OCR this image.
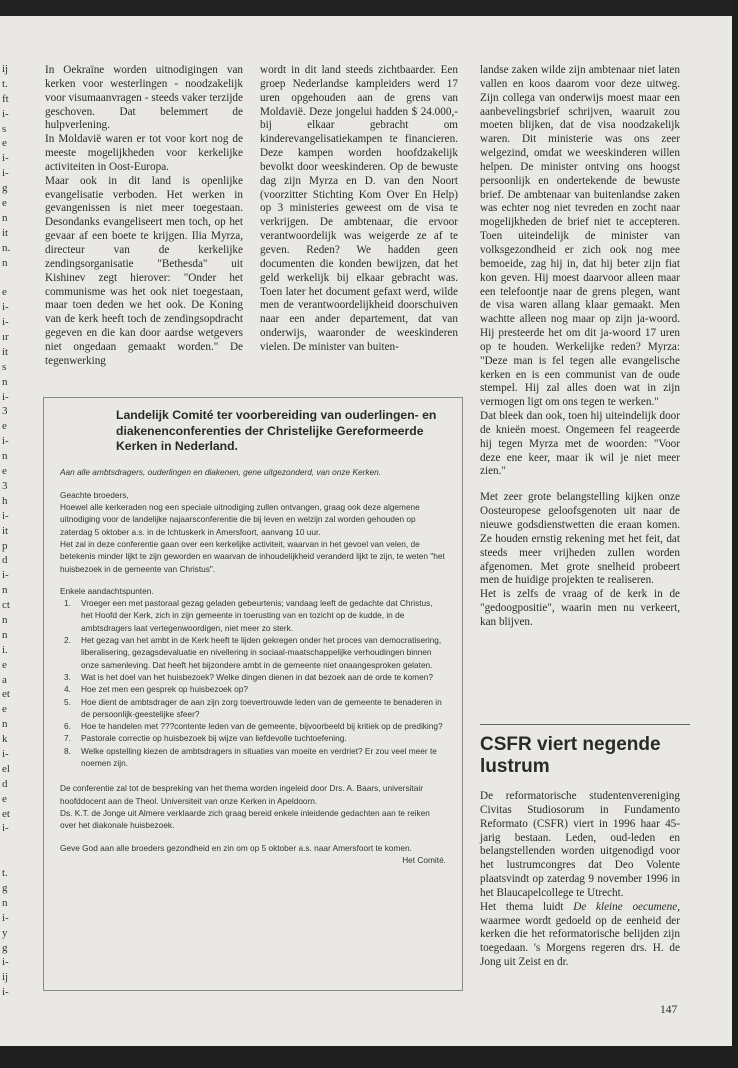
ij
t.
ft
i-
s
e
i-
i-
g
e
n
it
n.
n
e
i-
i-
ır
it
s
n
i-
3
e
i-
n
e
3
h
i-
it
p
d
i-
n
ct
n
n
i.
e
a
et
e
n
k
i-
el
d
e
et
i-
t.
g
n
i-
y
g
i-
ij
i-

In Oekraïne worden uitnodigingen van kerken voor westerlingen - noodzakelijk voor visumaanvragen - steeds vaker terzijde geschoven. Dat belemmert de hulpverlening.

In Moldavië waren er tot voor kort nog de meeste mogelijkheden voor kerkelijke activiteiten in Oost-Europa.

Maar ook in dit land is openlijke evangelisatie verboden. Het werken in gevangenissen is niet meer toegestaan. Desondanks evangeliseert men toch, op het gevaar af een boete te krijgen. Ilia Myrza, directeur van de kerkelijke zendingsorganisatie "Bethesda" uit Kishinev zegt hierover: "Onder het communisme was het ook niet toegestaan, maar toen deden we het ook. De Koning van de kerk heeft toch de zendingsopdracht gegeven en die kan door aardse wetgevers niet ongedaan gemaakt worden." De tegenwerking

wordt in dit land steeds zichtbaarder. Een groep Nederlandse kampleiders werd 17 uren opgehouden aan de grens van Moldavië. Deze jongelui hadden $ 24.000,- bij elkaar gebracht om kinderevangelisatiekampen te financieren. Deze kampen worden hoofdzakelijk bevolkt door weeskinderen. Op de bewuste dag zijn Myrza en D. van den Noort (voorzitter Stichting Kom Over En Help) op 3 ministeries geweest om de visa te verkrijgen. De ambtenaar, die ervoor verantwoordelijk was weigerde ze af te geven. Reden? We hadden geen documenten die konden bewijzen, dat het geld werkelijk bij elkaar gebracht was. Toen later het document gefaxt werd, wilde men de verantwoordelijkheid doorschuiven naar een ander departement, dat van onderwijs, waaronder de weeskinderen vielen. De minister van buiten-

landse zaken wilde zijn ambtenaar niet laten vallen en koos daarom voor deze uitweg. Zijn collega van onderwijs moest maar een aanbevelingsbrief schrijven, waaruit zou moeten blijken, dat de visa noodzakelijk waren. Dit ministerie was ons zeer welgezind, omdat we weeskinderen willen helpen. De minister ontving ons hoogst persoonlijk en ondertekende de bewuste brief. De ambtenaar van buitenlandse zaken was echter nog niet tevreden en zocht naar mogelijkheden de brief niet te accepteren. Toen uiteindelijk de minister van volksgezondheid er zich ook nog mee bemoeide, zag hij in, dat hij beter zijn fiat kon geven. Hij moest daarvoor alleen maar een telefoontje naar de grens plegen, want de visa waren allang klaar gemaakt. Men wachtte alleen nog maar op zijn ja-woord. Hij presteerde het om dit ja-woord 17 uren op te houden. Werkelijke reden? Myrza: "Deze man is fel tegen alle evangelische kerken en is een communist van de oude stempel. Hij zal alles doen wat in zijn vermogen ligt om ons tegen te werken."

Dat bleek dan ook, toen hij uiteindelijk door de knieën moest. Ongemeen fel reageerde hij tegen Myrza met de woorden: "Voor deze ene keer, maar ik wil je niet meer zien."

Met zeer grote belangstelling kijken onze Oosteuropese geloofsgenoten uit naar de nieuwe godsdienstwetten die eraan komen. Ze houden ernstig rekening met het feit, dat steeds meer vrijheden zullen worden afgenomen. Met grote snelheid probeert men de huidige projekten te realiseren.

Het is zelfs de vraag of de kerk in de "gedoogpositie", waarin men nu verkeert, kan blijven.

Landelijk Comité ter voorbereiding van ouderlingen- en diakenenconferenties der Christelijke Gereformeerde Kerken in Nederland.
Aan alle ambtsdragers, ouderlingen en diakenen, gene uitgezonderd, van onze Kerken.
Geachte broeders,
Hoewel alle kerkeraden nog een speciale uitnodiging zullen ontvangen, graag ook deze algemene uitnodiging voor de landelijke najaarsconferentie die bij leven en welzijn zal worden gehouden op zaterdag 5 oktober a.s. in de Ichtuskerk in Amersfoort, aanvang 10 uur.
Het zal in deze conferentie gaan over een kerkelijke activiteit, waarvan in het gevoel van velen, de betekenis minder lijkt te zijn geworden en waarvan de inhoudelijkheid veranderd lijkt te zijn, te weten "het huisbezoek in de gemeente van Christus".
Enkele aandachtspunten.
1. Vroeger een met pastoraal gezag geladen gebeurtenis; vandaag leeft de gedachte dat Christus, het Hoofd der Kerk, zich in zijn gemeente in toerusting van en tozicht op de kudde, in de ambtsdragers laat vertegenwoordigen, niet meer zo sterk.
2. Het gezag van het ambt in de Kerk heeft te lijden gekregen onder het proces van democratisering, liberalisering, gezagsdevaluatie en nivellering in sociaal-maatschappelijke verhoudingen binnen onze samenleving. Dat heeft het bijzondere ambt in de gemeente niet onaangesproken gelaten.
3. Wat is het doel van het huisbezoek? Welke dingen dienen in dat bezoek aan de orde te komen?
4. Hoe zet men een gesprek op huisbezoek op?
5. Hoe dient de ambtsdrager de aan zijn zorg toevertrouwde leden van de gemeente te benaderen in de persoonlijk-geestelijke sfeer?
6. Hoe te handelen met ???contente leden van de gemeente, bijvoorbeeld bij kritiek op de prediking?
7. Pastorale correctie op huisbezoek bij wijze van liefdevolle tuchtoefening.
8. Welke opstelling kiezen de ambtsdragers in situaties van moeite en verdriet? Er zou veel meer te noemen zijn.
De conferentie zal tot de bespreking van het thema worden ingeleid door Drs. A. Baars, universitair hoofddocent aan de Theol. Universiteit van onze Kerken in Apeldoorn.
Ds. K.T. de Jonge uit Almere verklaarde zich graag bereid enkele inleidende gedachten aan te reiken over het diakonale huisbezoek.
Geve God aan alle broeders gezondheid en zin om op 5 oktober a.s. naar Amersfoort te komen.
Het Comité.
CSFR viert negende lustrum

De reformatorische studentenvereniging Civitas Studiosorum in Fundamento Reformato (CSFR) viert in 1996 haar 45-jarig bestaan. Leden, oud-leden en belangstellenden worden uitgenodigd voor het lustrumcongres dat Deo Volente plaatsvindt op zaterdag 9 november 1996 in het Blaucapelcollege te Utrecht.

Het thema luidt De kleine oecumene, waarmee wordt gedoeld op de eenheid der kerken die het reformatorische belijden zijn toegedaan. 's Morgens regeren drs. H. de Jong uit Zeist en dr.

147
